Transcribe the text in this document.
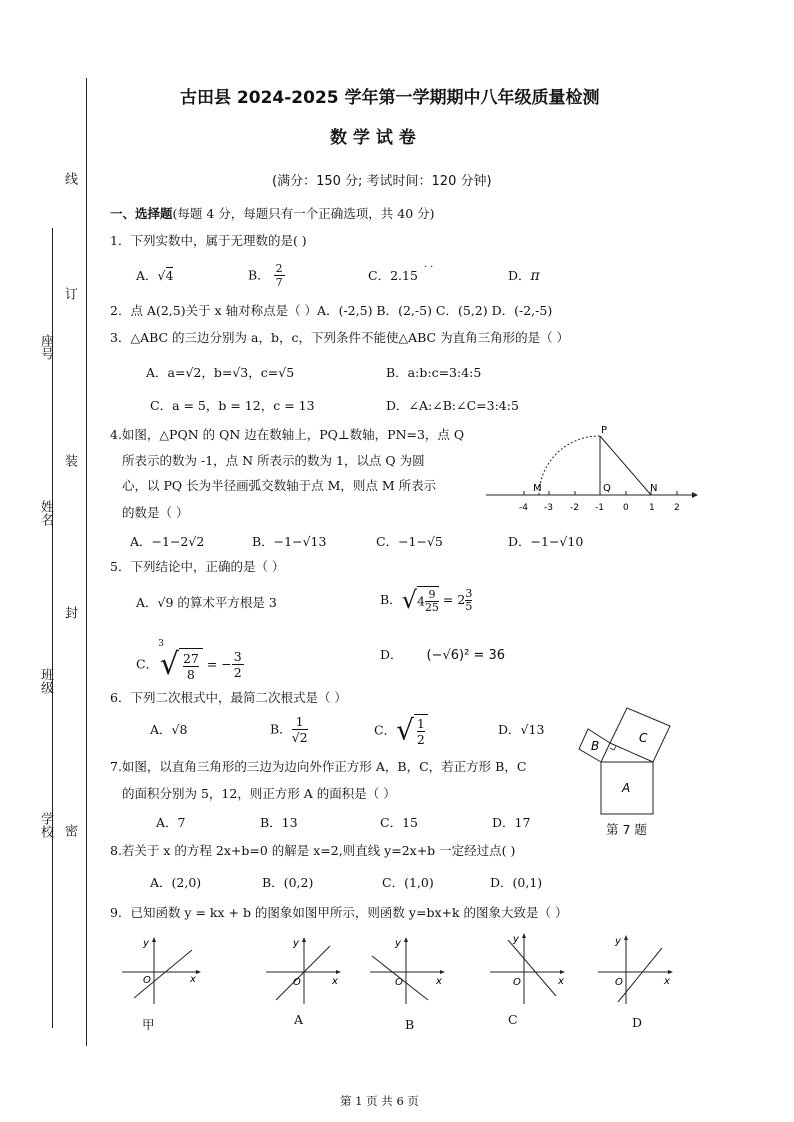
线
订
装
封
密
座号
姓名
班级
学校
古田县 2024-2025 学年第一学期期中八年级质量检测
数 学 试 卷
(满分：150 分; 考试时间：120 分钟)
一、选择题(每题 4 分，每题只有一个正确选项，共 40 分)
1．下列实数中，属于无理数的是( )
A．√4	B． $\frac{2}{7}$	C．2.15
··
D．π
2．点 A(2,5)关于 x 轴对称点是（ ）A．(-2,5) B．(2,-5) C．(5,2) D．(-2,-5)
3．△ABC 的三边分别为 a，b，c，下列条件不能使△ABC 为直角三角形的是（ ）
A．a=√2，b=√3，c=√5	B．a:b:c=3:4:5
C．a = 5，b = 12，c = 13	D．∠A:∠B:∠C=3:4:5
4.如图，△PQN 的 QN 边在数轴上，PQ⊥数轴，PN=3，点 Q
所表示的数为 -1，点 N 所表示的数为 1，以点 Q 为圆
心，以 PQ 长为半径画弧交数轴于点 M，则点 M 所表示
的数是（ ）
A．−1−2√2	B．−1−√13	C．−1−√5	D．−1−√10
P
Q	N
M
-4 -3 -2 -1 0 1 2
5．下列结论中，正确的是（ ）
A．√9 的算术平方根是 3	B．$√4 \frac{9}{25} = 2 \frac{3}{5}$
C．$^3√ \frac{27}{8}$ = − $\frac{3}{2}$	D． (−√6)² = 36
6．下列二次根式中，最简二次根式是（ ）
A．√8	B． $\frac{1}{√2}$	C．√ $\frac{1}{2}$	D．√13
B
C
A
第 7 题
7.如图，以直角三角形的三边为边向外作正方形 A，B，C，若正方形 B，C
的面积分别为 5，12，则正方形 A 的面积是（ ）
A．7	B．13	C．15	D．17
8.若关于 x 的方程 2x+b=0 的解是 x=2,则直线 y=2x+b 一定经过点( )
A．(2,0)	B．(0,2)	C．(1,0)	D．(0,1)
9．已知函数 y = kx + b 的图象如图甲所示，则函数 y=bx+k 的图象大致是（ ）
y
x
O
y
x
O
y
x
O
y
x
O
y
x
O
甲	A	B	C	D
第 1 页 共 6 页
